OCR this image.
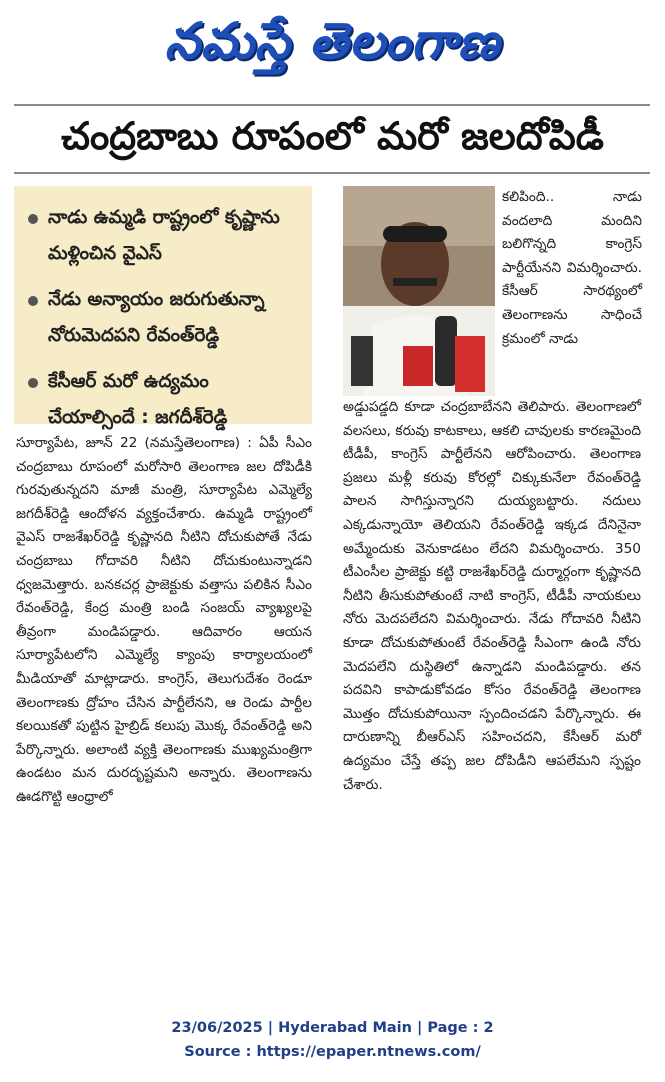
నమస్తే తెలంగాణ
చంద్రబాబు రూపంలో మరో జలదోపిడీ
నాడు ఉమ్మడి రాష్ట్రంలో కృష్ణాను మళ్లించిన వైఎస్
నేడు అన్యాయం జరుగుతున్నా నోరుమెదపని రేవంత్‌రెడ్డి
కేసీఆర్ మరో ఉద్యమం చేయాల్సిందే : జగదీశ్‌రెడ్డి
కలిపింది.. నాడు వందలాది మందిని బలిగొన్నది కాంగ్రెస్ పార్టీయేనని విమర్శించారు. కేసీఆర్ సారథ్యంలో తెలంగాణను సాధించే క్రమంలో నాడు
సూర్యాపేట, జూన్ 22 (నమస్తేతెలంగాణ) : ఏపీ సీఎం చంద్రబాబు రూపంలో మరోసారి తెలంగాణ జల దోపిడీకి గురవుతున్నదని మాజీ మంత్రి, సూర్యాపేట ఎమ్మెల్యే జగదీశ్‌రెడ్డి ఆందోళన వ్యక్తంచేశారు. ఉమ్మడి రాష్ట్రంలో వైఎస్ రాజశేఖర్‌రెడ్డి కృష్ణానది నీటిని దోచుకుపోతే నేడు చంద్రబాబు గోదావరి నీటిని దోచుకుంటున్నాడని ధ్వజమెత్తారు. బనకచర్ల ప్రాజెక్టుకు వత్తాసు పలికిన సీఎం రేవంత్‌రెడ్డి, కేంద్ర మంత్రి బండి సంజయ్ వ్యాఖ్యలపై తీవ్రంగా మండిపడ్డారు. ఆదివారం ఆయన సూర్యాపేటలోని ఎమ్మెల్యే క్యాంపు కార్యాలయంలో మీడియాతో మాట్లాడారు. కాంగ్రెస్, తెలుగుదేశం రెండూ తెలంగాణకు ద్రోహం చేసిన పార్టీలేనని, ఆ రెండు పార్టీల కలయికతో పుట్టిన హైబ్రిడ్ కలుపు మొక్క రేవంత్‌రెడ్డి అని పేర్కొన్నారు. అలాంటి వ్యక్తి తెలంగాణకు ముఖ్యమంత్రిగా ఉండటం మన దురదృష్టమని అన్నారు. తెలంగాణను ఊడగొట్టి ఆంధ్రాలో
అడ్డుపడ్డది కూడా చంద్రబాబేనని తెలిపారు. తెలంగాణలో వలసలు, కరువు కాటకాలు, ఆకలి చావులకు కారణమైంది టీడీపీ, కాంగ్రెస్ పార్టీలేనని ఆరోపించారు. తెలంగాణ ప్రజలు మళ్లీ కరువు కోరల్లో చిక్కుకునేలా రేవంత్‌రెడ్డి పాలన సాగిస్తున్నారని దుయ్యబట్టారు. నదులు ఎక్కడున్నాయో తెలియని రేవంత్‌రెడ్డి ఇక్కడ దేనినైనా అమ్మేందుకు వెనుకాడటం లేదని విమర్శించారు. 350 టీఎంసీల ప్రాజెక్టు కట్టి రాజశేఖర్‌రెడ్డి దుర్మార్గంగా కృష్ణానది నీటిని తీసుకుపోతుంటే నాటి కాంగ్రెస్, టీడీపీ నాయకులు నోరు మెదపలేదని విమర్శించారు. నేడు గోదావరి నీటిని కూడా దోచుకుపోతుంటే రేవంత్‌రెడ్డి సీఎంగా ఉండి నోరు మెదపలేని దుస్థితిలో ఉన్నాడని మండిపడ్డారు. తన పదవిని కాపాడుకోవడం కోసం రేవంత్‌రెడ్డి తెలంగాణ మొత్తం దోచుకుపోయినా స్పందించడని పేర్కొన్నారు. ఈ దారుణాన్ని బీఆర్‌ఎస్ సహించదని, కేసీఆర్ మరో ఉద్యమం చేస్తే తప్ప జల దోపిడీని ఆపలేమని స్పష్టం చేశారు.
23/06/2025 | Hyderabad Main | Page : 2
Source : https://epaper.ntnews.com/
